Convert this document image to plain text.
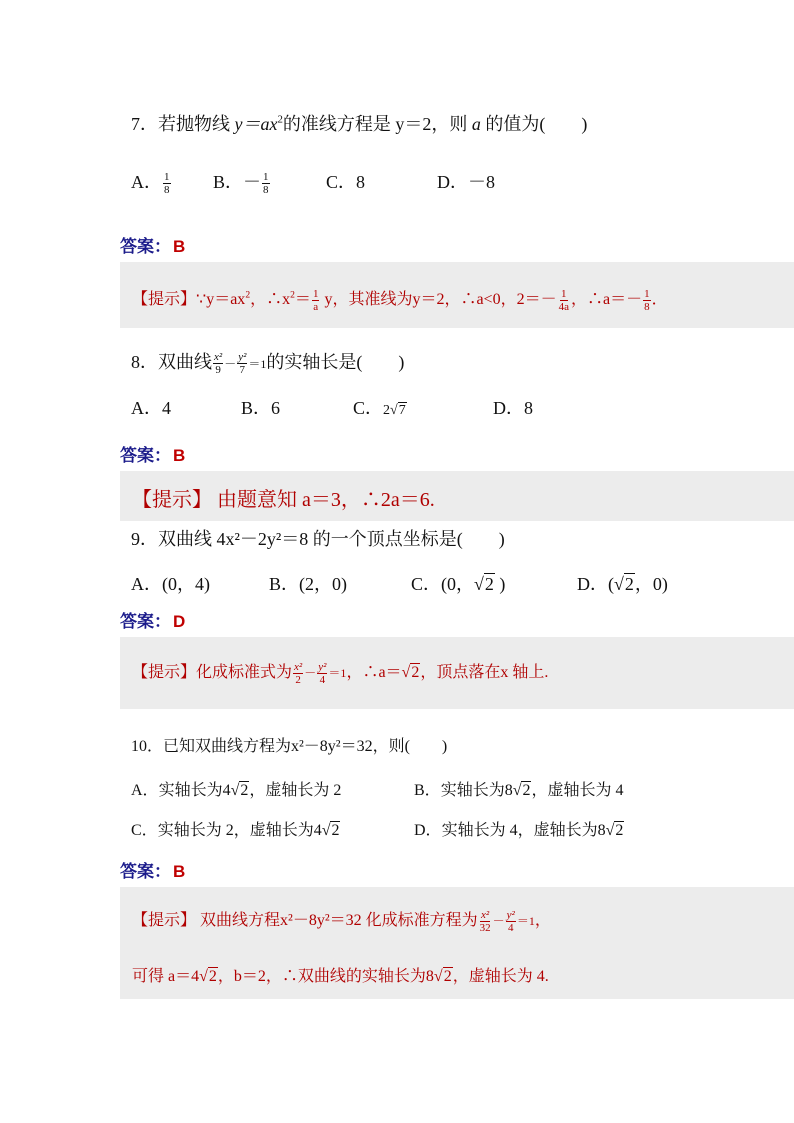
7．若抛物线 $y=ax^2$的准线方程是 y＝2，则 a 的值为(　　)
A． $\frac{1}{8}$ B．－ $\frac{1}{8}$	C．8	D．－8
答案： B
【提示】$\because y=ax^2$，$\therefore x^2= \frac{1}{a}$ y，其准线为y＝2，∴a<0，$2=- \frac{1}{4a}$ ，∴a＝－ $\frac{1}{8}$ ．
8．双曲线 $\frac{\text{x²}}{9} - \frac{\text{y²}}{7} =1$的实轴长是(　　)
A．4	B．6	C．2√7	D．8
答案： B
【提示】 由题意知 a＝3，∴2a＝6.
9．双曲线 4x²－2y²＝8 的一个顶点坐标是(　　)
A．(0，4)	B．(2，0)	C．(0，√2 )	D．(√2，0)
答案： D
【提示】化成标准式为 $\frac{\text{x²}}{2} - \frac{\text{y²}}{4} =1$，∴a＝√2，顶点落在x 轴上.
10．已知双曲线方程为x²－8y²＝32，则(　　)
A．实轴长为4√2，虚轴长为 2	B．实轴长为8√2，虚轴长为 4
C．实轴长为 2，虚轴长为4√2	D．实轴长为 4，虚轴长为8√2
答案： B
【提示】 双曲线方程x²－8y²＝32 化成标准方程为 $\frac{\text{x²}}{32} - \frac{\text{y²}}{4} =1$，
可得 a＝4√2，b＝2，∴双曲线的实轴长为8√2，虚轴长为 4.
